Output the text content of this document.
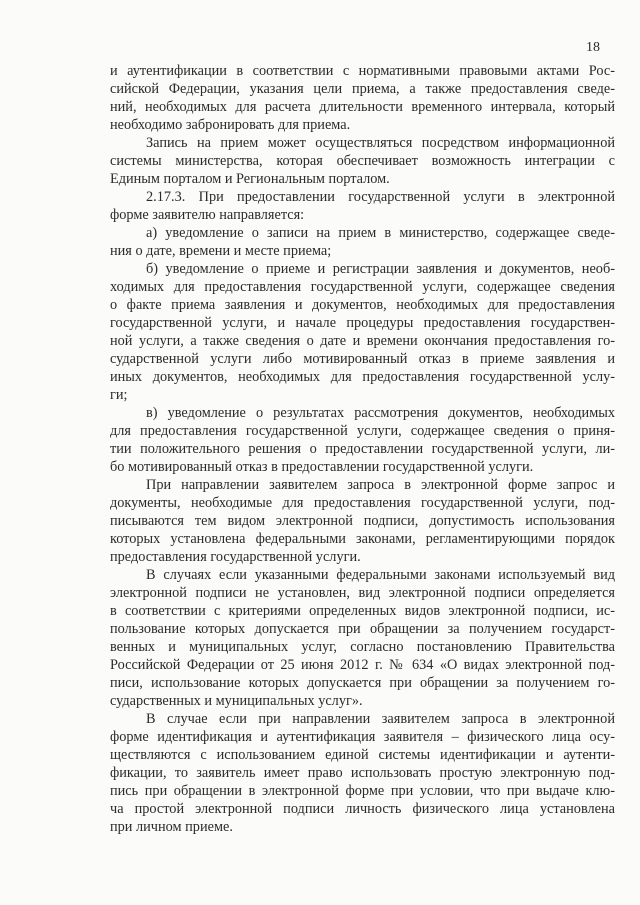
18
и аутентификации в соответствии с нормативными правовыми актами Рос-
сийской Федерации, указания цели приема, а также предоставления сведе-
ний, необходимых для расчета длительности временного интервала, который
необходимо забронировать для приема.
Запись на прием может осуществляться посредством информационной
системы министерства, которая обеспечивает возможность интеграции с
Единым порталом и Региональным порталом.
2.17.3. При предоставлении государственной услуги в электронной
форме заявителю направляется:
а) уведомление о записи на прием в министерство, содержащее сведе-
ния о дате, времени и месте приема;
б) уведомление о приеме и регистрации заявления и документов, необ-
ходимых для предоставления государственной услуги, содержащее сведения
о факте приема заявления и документов, необходимых для предоставления
государственной услуги, и начале процедуры предоставления государствен-
ной услуги, а также сведения о дате и времени окончания предоставления го-
сударственной услуги либо мотивированный отказ в приеме заявления и
иных документов, необходимых для предоставления государственной услу-
ги;
в) уведомление о результатах рассмотрения документов, необходимых
для предоставления государственной услуги, содержащее сведения о приня-
тии положительного решения о предоставлении государственной услуги, ли-
бо мотивированный отказ в предоставлении государственной услуги.
При направлении заявителем запроса в электронной форме запрос и
документы, необходимые для предоставления государственной услуги, под-
писываются тем видом электронной подписи, допустимость использования
которых установлена федеральными законами, регламентирующими порядок
предоставления государственной услуги.
В случаях если указанными федеральными законами используемый вид
электронной подписи не установлен, вид электронной подписи определяется
в соответствии с критериями определенных видов электронной подписи, ис-
пользование которых допускается при обращении за получением государст-
венных и муниципальных услуг, согласно постановлению Правительства
Российской Федерации от 25 июня 2012 г. № 634 «О видах электронной под-
писи, использование которых допускается при обращении за получением го-
сударственных и муниципальных услуг».
В случае если при направлении заявителем запроса в электронной
форме идентификация и аутентификация заявителя – физического лица осу-
ществляются с использованием единой системы идентификации и аутенти-
фикации, то заявитель имеет право использовать простую электронную под-
пись при обращении в электронной форме при условии, что при выдаче клю-
ча простой электронной подписи личность физического лица установлена
при личном приеме.
